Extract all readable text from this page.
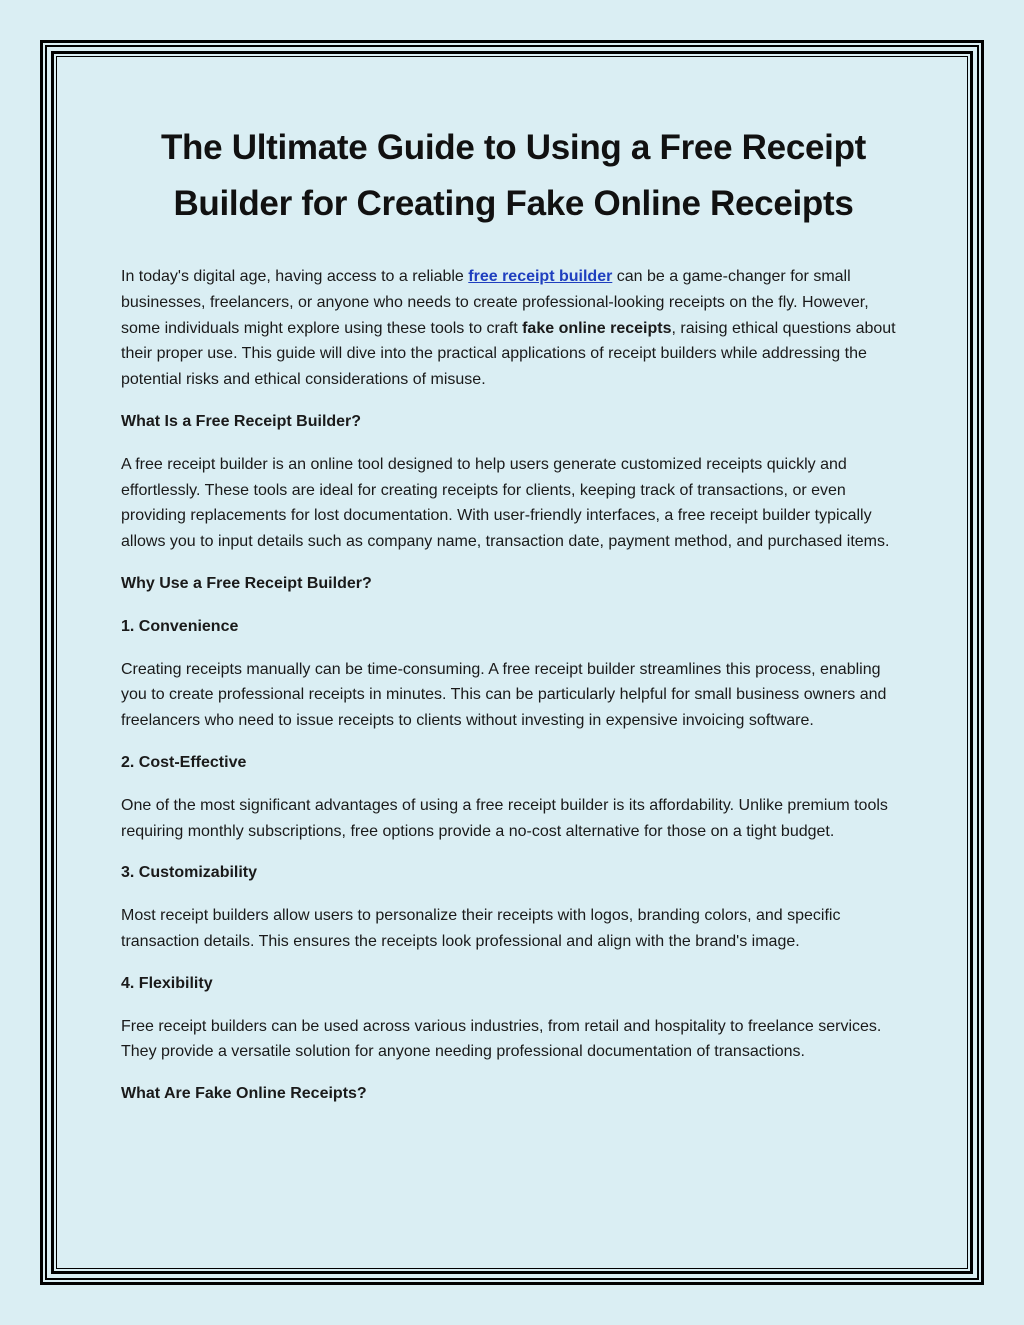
The Ultimate Guide to Using a Free Receipt Builder for Creating Fake Online Receipts

In today's digital age, having access to a reliable free receipt builder can be a game-changer for small businesses, freelancers, or anyone who needs to create professional-looking receipts on the fly. However, some individuals might explore using these tools to craft fake online receipts, raising ethical questions about their proper use. This guide will dive into the practical applications of receipt builders while addressing the potential risks and ethical considerations of misuse.

What Is a Free Receipt Builder?

A free receipt builder is an online tool designed to help users generate customized receipts quickly and effortlessly. These tools are ideal for creating receipts for clients, keeping track of transactions, or even providing replacements for lost documentation. With user-friendly interfaces, a free receipt builder typically allows you to input details such as company name, transaction date, payment method, and purchased items.

Why Use a Free Receipt Builder?

1. Convenience

Creating receipts manually can be time-consuming. A free receipt builder streamlines this process, enabling you to create professional receipts in minutes. This can be particularly helpful for small business owners and freelancers who need to issue receipts to clients without investing in expensive invoicing software.

2. Cost-Effective

One of the most significant advantages of using a free receipt builder is its affordability. Unlike premium tools requiring monthly subscriptions, free options provide a no-cost alternative for those on a tight budget.

3. Customizability

Most receipt builders allow users to personalize their receipts with logos, branding colors, and specific transaction details. This ensures the receipts look professional and align with the brand's image.

4. Flexibility

Free receipt builders can be used across various industries, from retail and hospitality to freelance services. They provide a versatile solution for anyone needing professional documentation of transactions.

What Are Fake Online Receipts?
